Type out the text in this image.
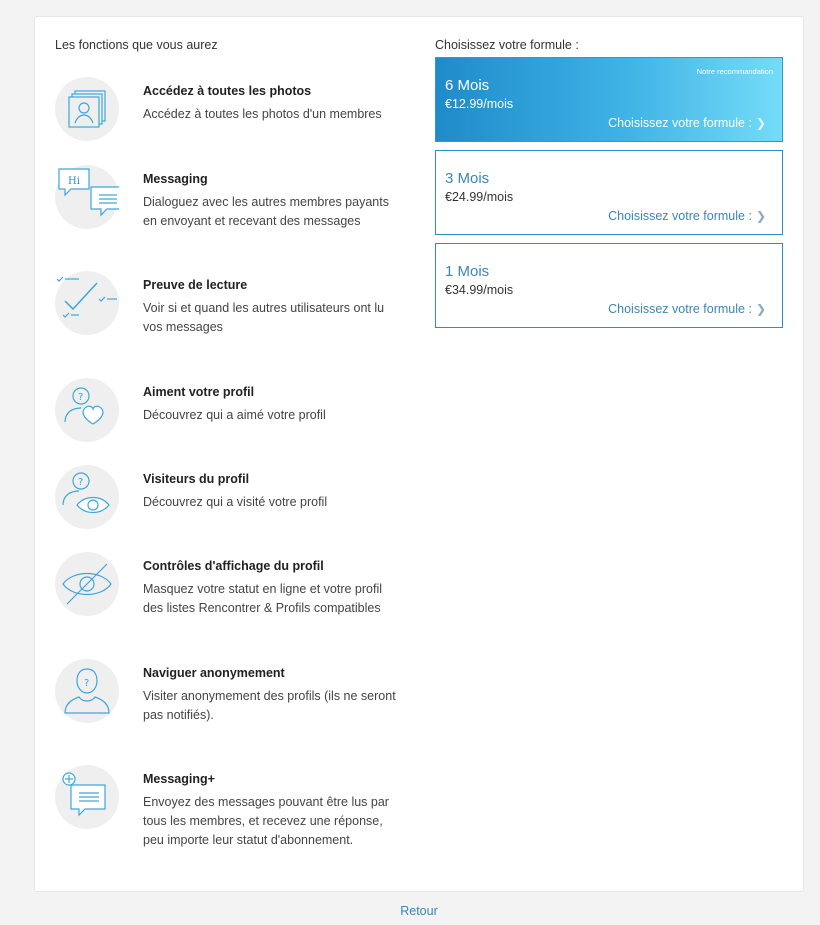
Les fonctions que vous aurez
Accédez à toutes les photos
Accédez à toutes les photos d'un membres
Hi	Messaging
Dialoguez avec les autres membres payants en envoyant et recevant des messages
Preuve de lecture
Voir si et quand les autres utilisateurs ont lu vos messages
?	Aiment votre profil
Découvrez qui a aimé votre profil
?	Visiteurs du profil
Découvrez qui a visité votre profil
Contrôles d'affichage du profil
Masquez votre statut en ligne et votre profil des listes Rencontrer & Profils compatibles
?
Naviguer anonymement
Visiter anonymement des profils (ils ne seront pas notifiés).
Messaging+
Envoyez des messages pouvant être lus par tous les membres, et recevez une réponse, peu importe leur statut d'abonnement.
Choisissez votre formule :
Notre recommandation
6 Mois
€12.99/mois
Choisissez votre formule : ❯
3 Mois
€24.99/mois
Choisissez votre formule : ❯
1 Mois
€34.99/mois
Choisissez votre formule : ❯
Retour
